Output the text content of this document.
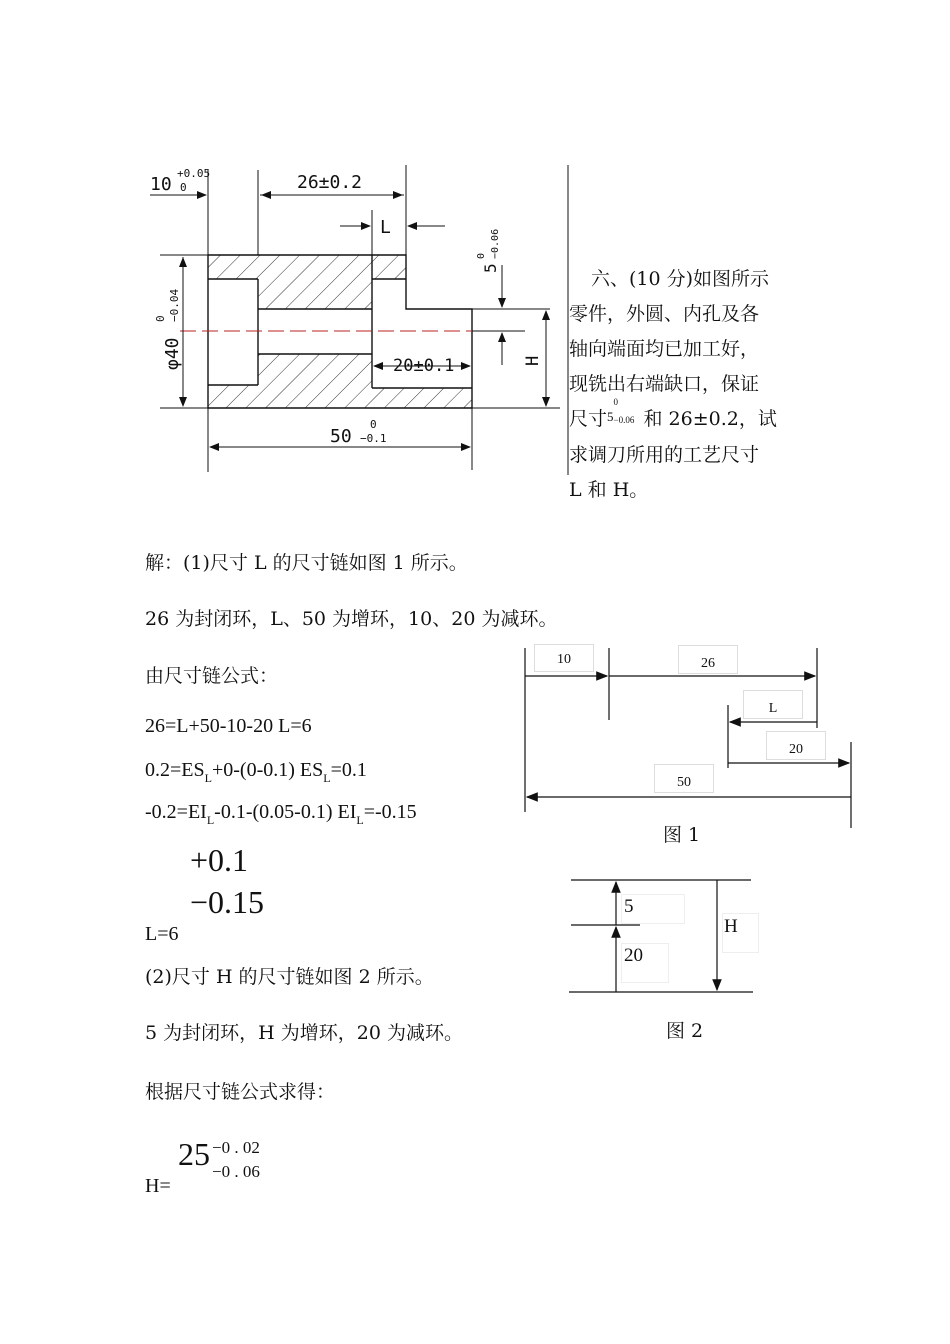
10
+0.05
0	26±0.2
L
20±0.1
50
0
−0.1
φ40
0 −0.04
5
0 −0.06
H
六、(10 分)如图所示
零件，外圆、内孔及各
轴向端面均已加工好，
现铣出右端缺口，保证
尺寸$^5$
0
−0.06 和 26±0.2，试
求调刀所用的工艺尺寸
L 和 H。
解：(1)尺寸 L 的尺寸链如图 1 所示。
26 为封闭环，L、50 为增环，10、20 为减环。
由尺寸链公式：
26=L+50-10-20 L=6
$0.2=ES_L+0-(0-0.1)$ $ES_L=0.1$
$-0.2=EI_L-0.1-(0.05-0.1)$ $EI_L=-0.15$
+0.1
−0.15
L=6
(2)尺寸 H 的尺寸链如图 2 所示。
5 为封闭环，H 为增环，20 为减环。
根据尺寸链公式求得：
25 −0 . 02
−0 . 06
H=
10	26
L
20
50
图 1
5
20
H
图 2
